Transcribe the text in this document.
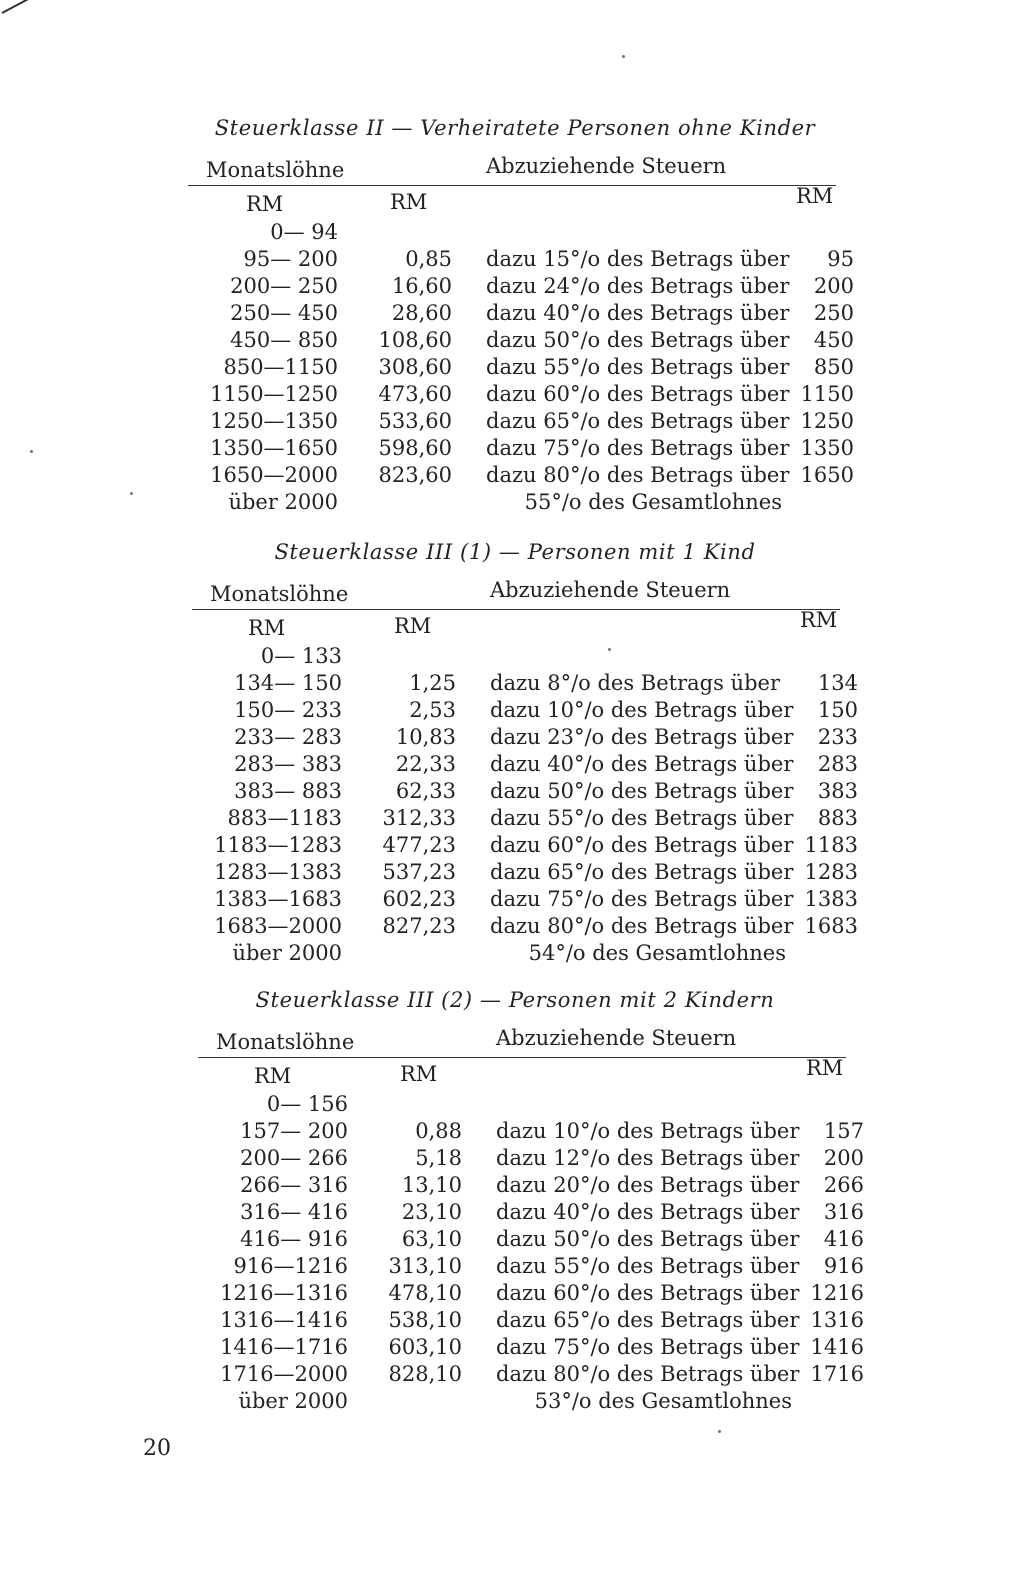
Steuerklasse II — Verheiratete Personen ohne Kinder
Monatslöhne	Abzuziehende Steuern
RM	RM	RM
0— 94
95— 200	0,85 dazu 15°/o des Betrags über 95
200— 250	16,60 dazu 24°/o des Betrags über 200
250— 450	28,60 dazu 40°/o des Betrags über 250
450— 850 108,60 dazu 50°/o des Betrags über 450
850—1150 308,60 dazu 55°/o des Betrags über 850
1150—1250 473,60 dazu 60°/o des Betrags über 1150
1250—1350 533,60 dazu 65°/o des Betrags über 1250
1350—1650 598,60 dazu 75°/o des Betrags über 1350
1650—2000 823,60 dazu 80°/o des Betrags über 1650
über 2000	55°/o des Gesamtlohnes
Steuerklasse III (1) — Personen mit 1 Kind
Monatslöhne	Abzuziehende Steuern
RM	RM	RM
0— 133
134— 150	1,25 dazu 8°/o des Betrags über 134
150— 233	2,53 dazu 10°/o des Betrags über 150
233— 283	10,83 dazu 23°/o des Betrags über 233
283— 383	22,33 dazu 40°/o des Betrags über 283
383— 883	62,33 dazu 50°/o des Betrags über 383
883—1183 312,33 dazu 55°/o des Betrags über 883
1183—1283 477,23 dazu 60°/o des Betrags über 1183
1283—1383 537,23 dazu 65°/o des Betrags über 1283
1383—1683 602,23 dazu 75°/o des Betrags über 1383
1683—2000 827,23 dazu 80°/o des Betrags über 1683
über 2000	54°/o des Gesamtlohnes
Steuerklasse III (2) — Personen mit 2 Kindern
Monatslöhne	Abzuziehende Steuern
RM	RM	RM
0— 156
157— 200	0,88 dazu 10°/o des Betrags über 157
200— 266	5,18 dazu 12°/o des Betrags über 200
266— 316	13,10 dazu 20°/o des Betrags über 266
316— 416	23,10 dazu 40°/o des Betrags über 316
416— 916	63,10 dazu 50°/o des Betrags über 416
916—1216 313,10 dazu 55°/o des Betrags über 916
1216—1316 478,10 dazu 60°/o des Betrags über 1216
1316—1416 538,10 dazu 65°/o des Betrags über 1316
1416—1716 603,10 dazu 75°/o des Betrags über 1416
1716—2000 828,10 dazu 80°/o des Betrags über 1716
über 2000	53°/o des Gesamtlohnes
20
